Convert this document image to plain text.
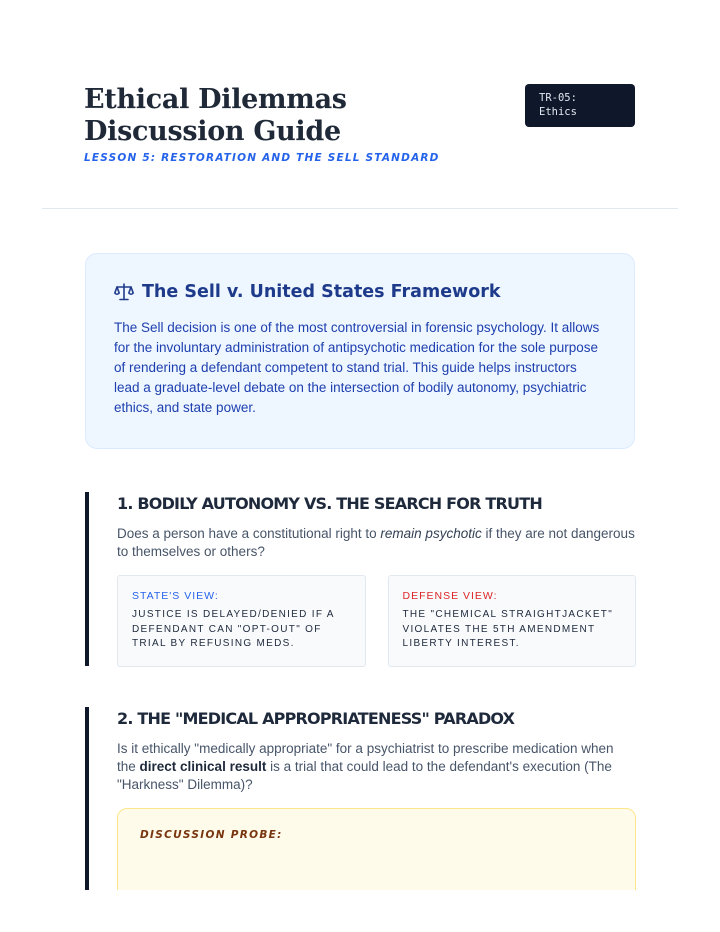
Ethical Dilemmas Discussion Guide
LESSON 5: RESTORATION AND THE SELL STANDARD
TR-05:
Ethics
The Sell v. United States Framework
The Sell decision is one of the most controversial in forensic psychology. It allows for the involuntary administration of antipsychotic medication for the sole purpose of rendering a defendant competent to stand trial. This guide helps instructors lead a graduate-level debate on the intersection of bodily autonomy, psychiatric ethics, and state power.
1. BODILY AUTONOMY VS. THE SEARCH FOR TRUTH
Does a person have a constitutional right to remain psychotic if they are not dangerous to themselves or others?
STATE'S VIEW:
JUSTICE IS DELAYED/DENIED IF A DEFENDANT CAN "OPT-OUT" OF TRIAL BY REFUSING MEDS.
DEFENSE VIEW:
THE "CHEMICAL STRAIGHTJACKET" VIOLATES THE 5TH AMENDMENT LIBERTY INTEREST.
2. THE "MEDICAL APPROPRIATENESS" PARADOX
Is it ethically "medically appropriate" for a psychiatrist to prescribe medication when the direct clinical result is a trial that could lead to the defendant's execution (The "Harkness" Dilemma)?
DISCUSSION PROBE:
